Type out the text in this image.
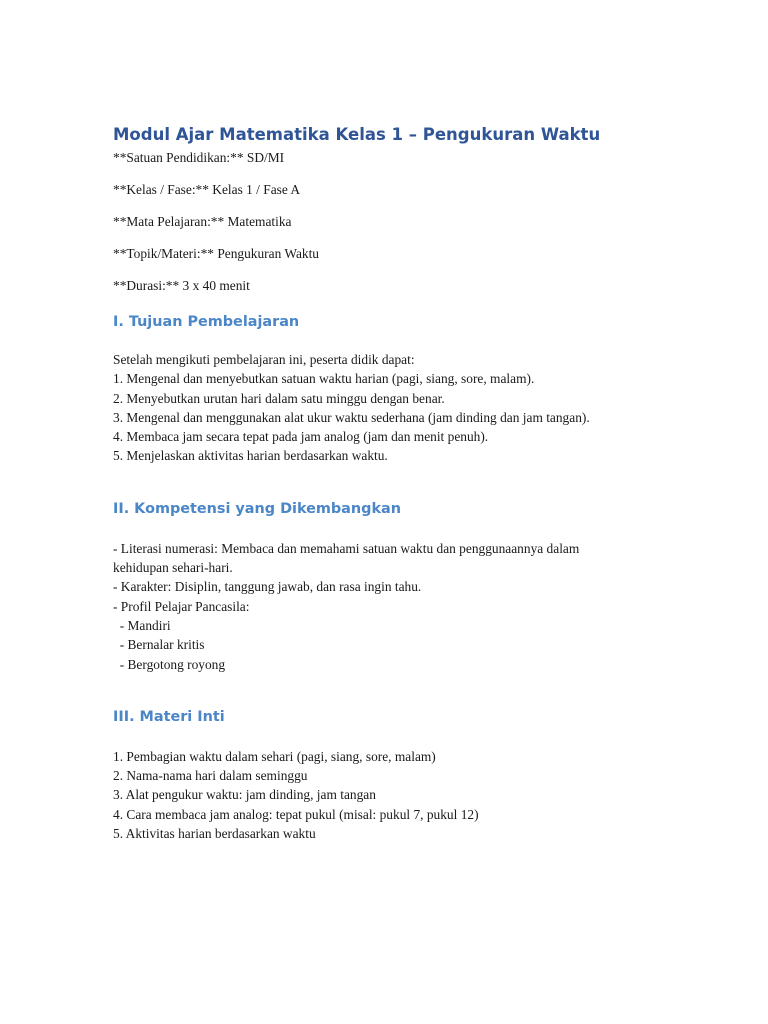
Modul Ajar Matematika Kelas 1 – Pengukuran Waktu

**Satuan Pendidikan:** SD/MI

**Kelas / Fase:** Kelas 1 / Fase A

**Mata Pelajaran:** Matematika

**Topik/Materi:** Pengukuran Waktu

**Durasi:** 3 x 40 menit

I. Tujuan Pembelajaran

Setelah mengikuti pembelajaran ini, peserta didik dapat:

1. Mengenal dan menyebutkan satuan waktu harian (pagi, siang, sore, malam).
2. Menyebutkan urutan hari dalam satu minggu dengan benar.
3. Mengenal dan menggunakan alat ukur waktu sederhana (jam dinding dan jam tangan).
4. Membaca jam secara tepat pada jam analog (jam dan menit penuh).
5. Menjelaskan aktivitas harian berdasarkan waktu.
II. Kompetensi yang Dikembangkan
- Literasi numerasi: Membaca dan memahami satuan waktu dan penggunaannya dalam
kehidupan sehari-hari.
- Karakter: Disiplin, tanggung jawab, dan rasa ingin tahu.
- Profil Pelajar Pancasila:
- Mandiri
- Bernalar kritis
- Bergotong royong
III. Materi Inti
1. Pembagian waktu dalam sehari (pagi, siang, sore, malam)
2. Nama-nama hari dalam seminggu
3. Alat pengukur waktu: jam dinding, jam tangan
4. Cara membaca jam analog: tepat pukul (misal: pukul 7, pukul 12)
5. Aktivitas harian berdasarkan waktu
